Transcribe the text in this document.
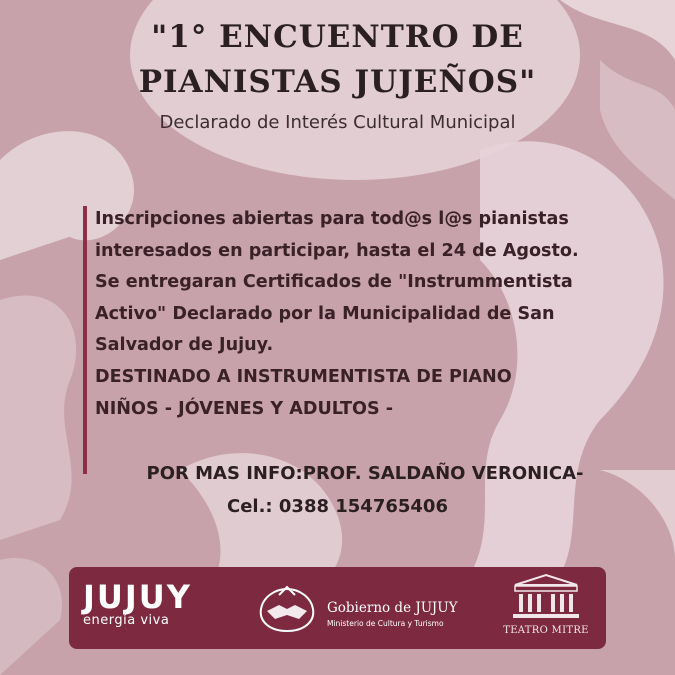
"1° ENCUENTRO DE
PIANISTAS JUJEÑOS"
Declarado de Interés Cultural Municipal
Inscripciones abiertas para tod@s l@s pianistas
interesados en participar, hasta el 24 de Agosto.
Se entregaran Certificados de "Instrummentista
Activo" Declarado por la Municipalidad de San
Salvador de Jujuy.
DESTINADO A INSTRUMENTISTA DE PIANO
NIÑOS - JÓVENES Y ADULTOS -
POR MAS INFO:PROF. SALDAÑO VERONICA-
Cel.: 0388 154765406
JUJUY
energía viva
Gobierno de JUJUY
Ministerio de Cultura y Turismo
TEATRO MITRE
